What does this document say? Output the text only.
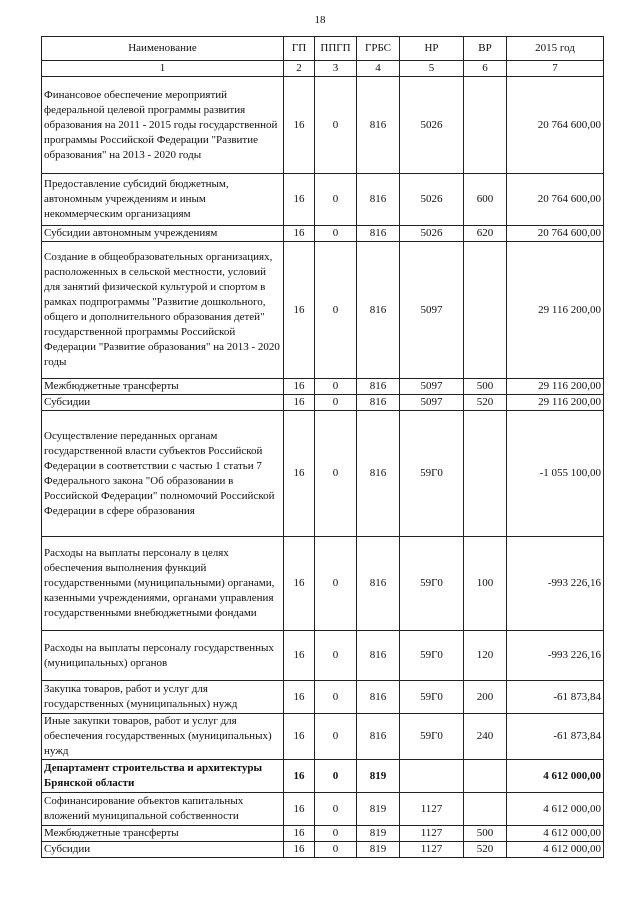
18
Наименование	ГП	ППГП	ГРБС	НР	ВР	2015 год
1	2	3	4	5	6	7
Финансовое обеспечение мероприятий федеральной целевой программы развития образования на 2011 - 2015 годы государственной программы Российской Федерации "Развитие образования" на 2013 - 2020 годы	16	0	816	5026		20 764 600,00
Предоставление субсидий бюджетным, автономным учреждениям и иным некоммерческим организациям	16	0	816	5026	600	20 764 600,00
Субсидии автономным учреждениям	16	0	816	5026	620	20 764 600,00
Создание в общеобразовательных организациях, расположенных в сельской местности, условий для занятий физической культурой и спортом в рамках подпрограммы "Развитие дошкольного, общего и дополнительного образования детей" государственной программы Российской Федерации "Развитие образования" на 2013 - 2020 годы	16	0	816	5097		29 116 200,00
Межбюджетные трансферты	16	0	816	5097	500	29 116 200,00
Субсидии	16	0	816	5097	520	29 116 200,00
Осуществление переданных органам государственной власти субъектов Российской Федерации в соответствии с частью 1 статьи 7 Федерального закона "Об образовании в Российской Федерации" полномочий Российской Федерации в сфере образования	16	0	816	59Г0		-1 055 100,00
Расходы на выплаты персоналу в целях обеспечения выполнения функций государственными (муниципальными) органами, казенными учреждениями, органами управления государственными внебюджетными фондами	16	0	816	59Г0	100	-993 226,16
Расходы на выплаты персоналу государственных (муниципальных) органов	16	0	816	59Г0	120	-993 226,16
Закупка товаров, работ и услуг для государственных (муниципальных) нужд	16	0	816	59Г0	200	-61 873,84
Иные закупки товаров, работ и услуг для обеспечения государственных (муниципальных) нужд	16	0	816	59Г0	240	-61 873,84
Департамент строительства и архитектуры Брянской области	16	0	819			4 612 000,00
Софинансирование объектов капитальных вложений муниципальной собственности	16	0	819	1127		4 612 000,00
Межбюджетные трансферты	16	0	819	1127	500	4 612 000,00
Субсидии	16	0	819	1127	520	4 612 000,00
